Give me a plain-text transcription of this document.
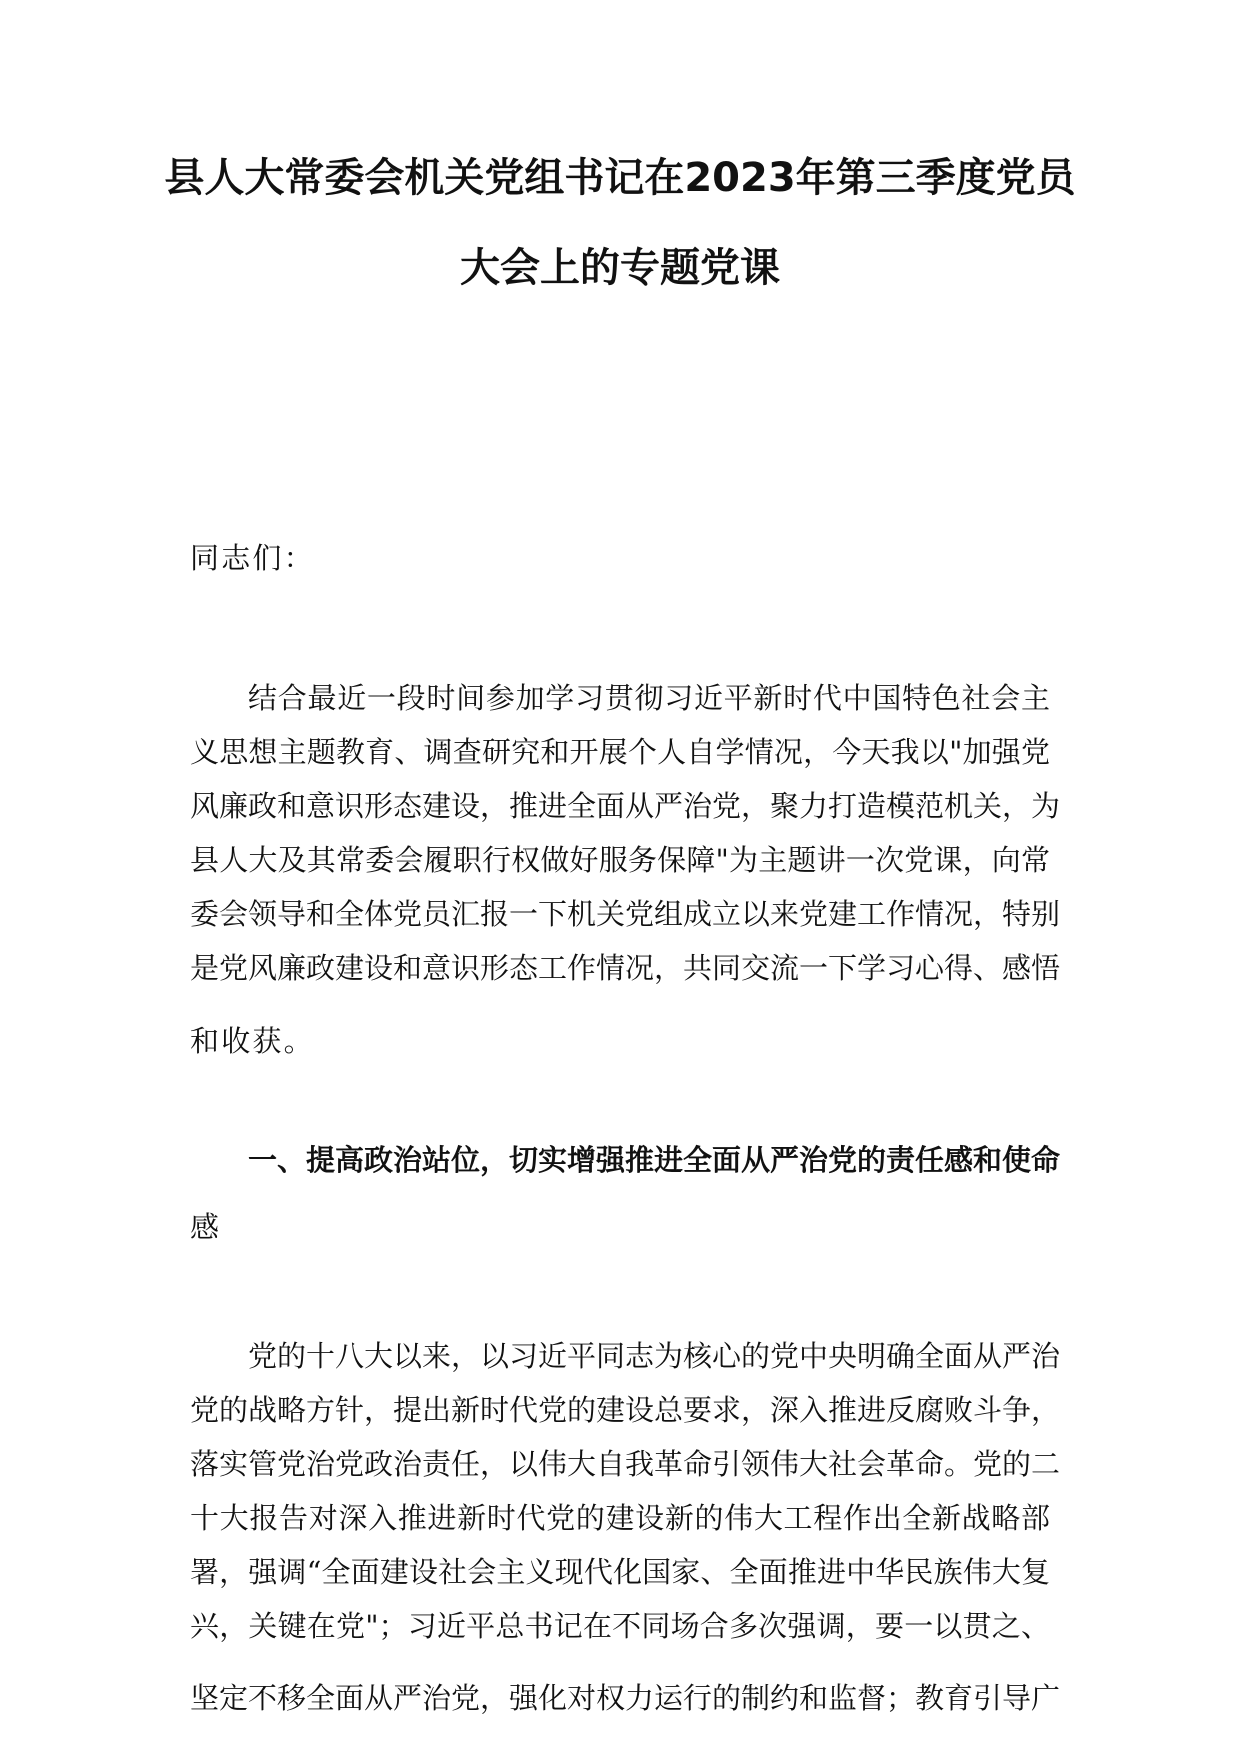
县人大常委会机关党组书记在2023年第三季度党员
大会上的专题党课
同志们：
结合最近一段时间参加学习贯彻习近平新时代中国特色社会主
义思想主题教育、调查研究和开展个人自学情况，今天我以"加强党
风廉政和意识形态建设，推进全面从严治党，聚力打造模范机关，为
县人大及其常委会履职行权做好服务保障"为主题讲一次党课，向常
委会领导和全体党员汇报一下机关党组成立以来党建工作情况，特别
是党风廉政建设和意识形态工作情况，共同交流一下学习心得、感悟
和收获。
一、提高政治站位，切实增强推进全面从严治党的责任感和使命
感
党的十八大以来，以习近平同志为核心的党中央明确全面从严治
党的战略方针，提出新时代党的建设总要求，深入推进反腐败斗争，
落实管党治党政治责任，以伟大自我革命引领伟大社会革命。党的二
十大报告对深入推进新时代党的建设新的伟大工程作出全新战略部
署，强调“全面建设社会主义现代化国家、全面推进中华民族伟大复
兴，关键在党"；习近平总书记在不同场合多次强调，要一以贯之、
坚定不移全面从严治党，强化对权力运行的制约和监督；教育引导广
